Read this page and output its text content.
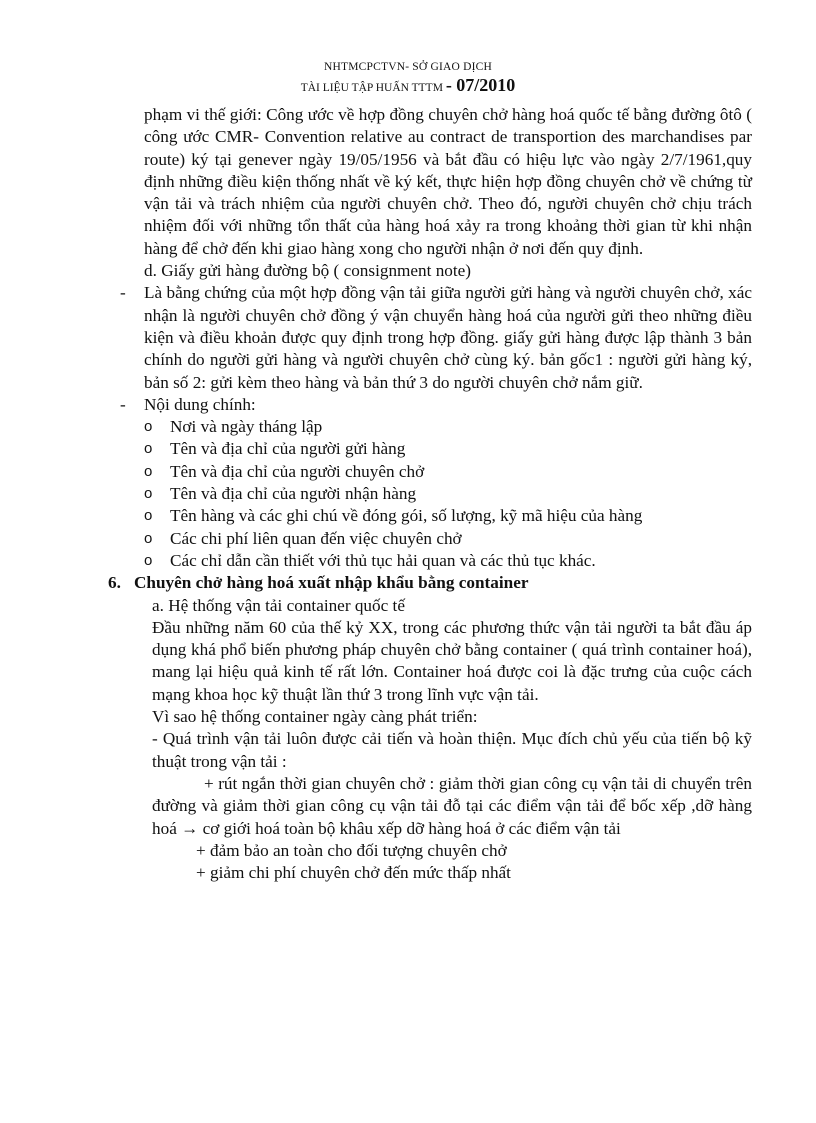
NHTMCPCTVN- SỞ GIAO DỊCH
TÀI LIỆU TẬP HUẤN TTTM - 07/2010
phạm vi thế giới: Công ước về hợp đồng chuyên chở hàng hoá quốc tế bằng đường ôtô ( công ước CMR- Convention relative au contract de transportion des marchandises par route) ký tại genever ngày 19/05/1956 và bắt đầu có hiệu lực vào ngày 2/7/1961,quy định những điều kiện thống nhất về ký kết, thực hiện hợp đồng chuyên chở về chứng từ vận tải và trách nhiệm của người chuyên chở. Theo đó, người chuyên chở chịu trách nhiệm đối với những tổn thất của hàng hoá xảy ra trong khoảng thời gian từ khi nhận hàng để chở đến khi giao hàng xong cho người nhận ở nơi đến quy định.
d. Giấy gửi hàng đường bộ ( consignment note)
-	Là bằng chứng của một hợp đồng vận tải giữa người gửi hàng và người chuyên chở, xác nhận là người chuyên chở đồng ý vận chuyển hàng hoá của người gửi theo những điều kiện và điều khoản được quy định trong hợp đồng. giấy gửi hàng được lập thành 3 bản chính do người gửi hàng và người chuyên chở cùng ký. bản gốc1 : người gửi hàng ký, bản số 2: gửi kèm theo hàng và bản thứ 3 do người chuyên chở nắm giữ.
-	Nội dung chính:
o	Nơi và ngày tháng lập
o	Tên và địa chỉ của người gửi hàng
o	Tên và địa chỉ của người chuyên chở
o	Tên và địa chỉ của người nhận hàng
o	Tên hàng và các ghi chú về đóng gói, số lượng, kỹ mã hiệu của hàng
o	Các chi phí liên quan đến việc chuyên chở
o	Các chỉ dẫn cần thiết với thủ tục hải quan và các thủ tục khác.
6. Chuyên chở hàng hoá xuất nhập khẩu bằng container
a. Hệ thống vận tải container quốc tế
Đầu những năm 60 của thế kỷ XX, trong các phương thức vận tải người ta bắt đầu áp dụng khá phổ biến phương pháp chuyên chở bằng container ( quá trình container hoá), mang lại hiệu quả kinh tế rất lớn. Container hoá được coi là đặc trưng của cuộc cách mạng khoa học kỹ thuật lần thứ 3 trong lĩnh vực vận tải.
Vì sao hệ thống container ngày càng phát triển:
- Quá trình vận tải luôn được cải tiến và hoàn thiện. Mục đích chủ yếu của tiến bộ kỹ thuật trong vận tải :
+ rút ngắn thời gian chuyên chở : giảm thời gian công cụ vận tải di chuyển trên đường và giảm thời gian công cụ vận tải đỗ tại các điểm vận tải để bốc xếp ,dỡ hàng hoá → cơ giới hoá toàn bộ khâu xếp dỡ hàng hoá ở các điểm vận tải
+ đảm bảo an toàn cho đối tượng chuyên chở
+ giảm chi phí chuyên chở đến mức thấp nhất
